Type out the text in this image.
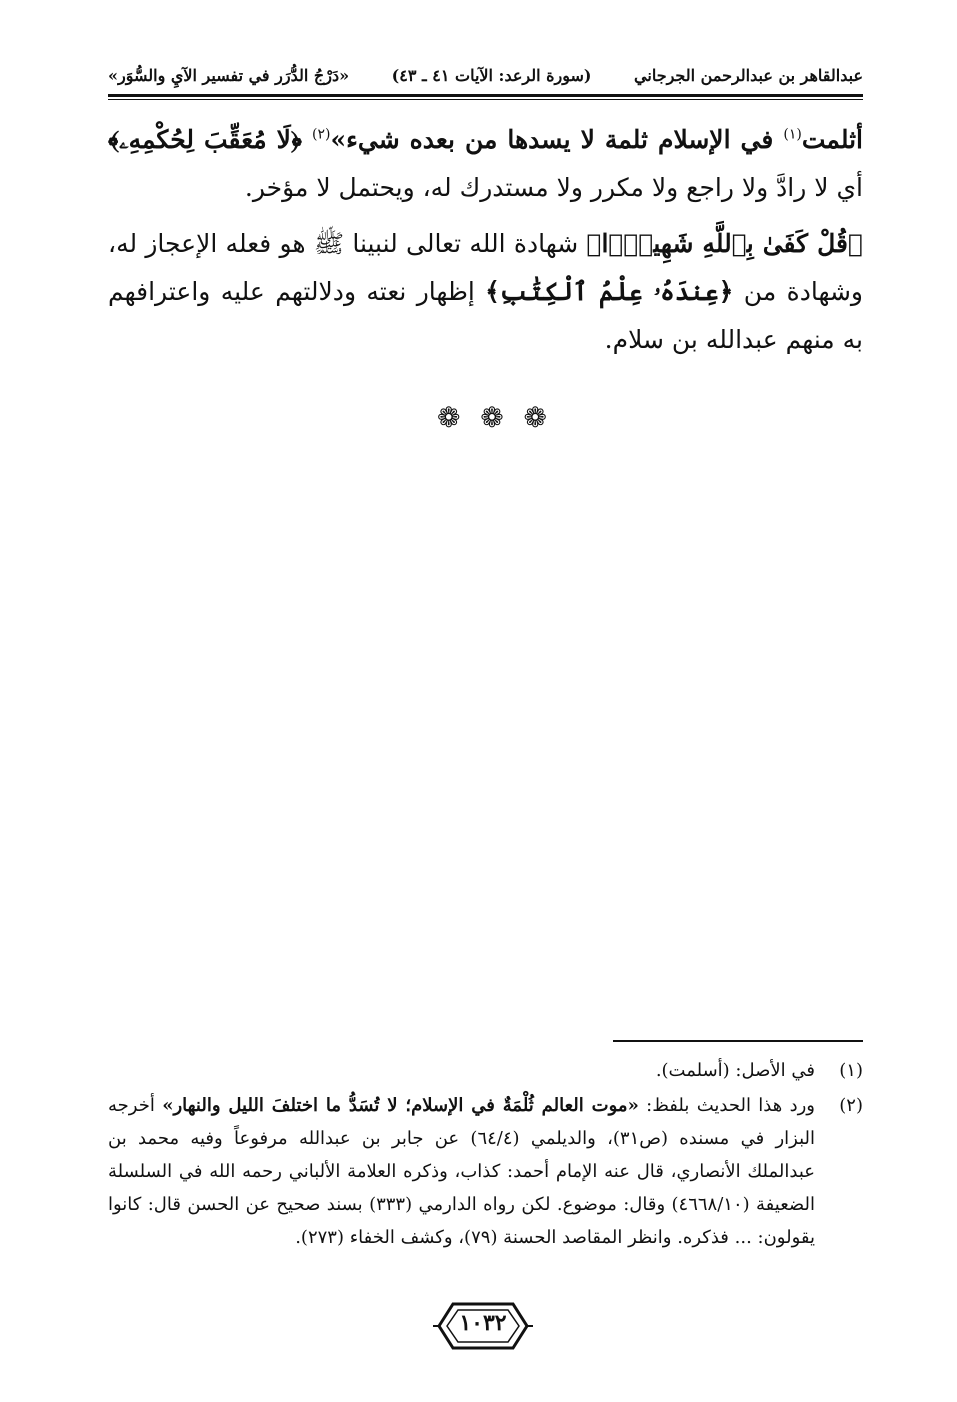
عبدالقاهر بن عبدالرحمن الجرجاني
(سورة الرعد: الآيات ٤١ ـ ٤٣)
«دَرْجُ الدُّرَر في تفسير الآيِ والسُّوَر»

أثلمت$^{(١)}$ في الإسلام ثلمة لا يسدها من بعده شيء»$^{(٢)}$ ﴿لَا مُعَقِّبَ لِحُكْمِهِۦ﴾ أي لا رادَّ ولا راجع ولا مكرر ولا مستدرك له، ويحتمل لا مؤخر.

﴿قُلْ كَفَىٰ بِٱللَّهِ شَهِيدًۢا﴾ شهادة الله تعالى لنبينا ﷺ هو فعله الإعجاز له، وشهادة من ﴿عِندَهُۥ عِلْمُ ٱلْكِتَٰبِ﴾ إظهار نعته ودلالتهم عليه واعترافهم به منهم عبدالله بن سلام.

❁ ❁ ❁
(١)
في الأصل: (أسلمت).
(٢)
ورد هذا الحديث بلفظ: «موت العالم ثُلْمَةٌ في الإسلام؛ لا تُسَدُّ ما اختلفَ الليل والنهار» أخرجه البزار في مسنده (ص٣١)، والديلمي (٦٤/٤) عن جابر بن عبدالله مرفوعاً وفيه محمد بن عبدالملك الأنصاري، قال عنه الإمام أحمد: كذاب، وذكره العلامة الألباني رحمه الله في السلسلة الضعيفة (٤٦٦٨/١٠) وقال: موضوع. لكن رواه الدارمي (٣٣٣) بسند صحيح عن الحسن قال: كانوا يقولون: ... فذكره. وانظر المقاصد الحسنة (٧٩)، وكشف الخفاء (٢٧٣).
١٠٣٢
